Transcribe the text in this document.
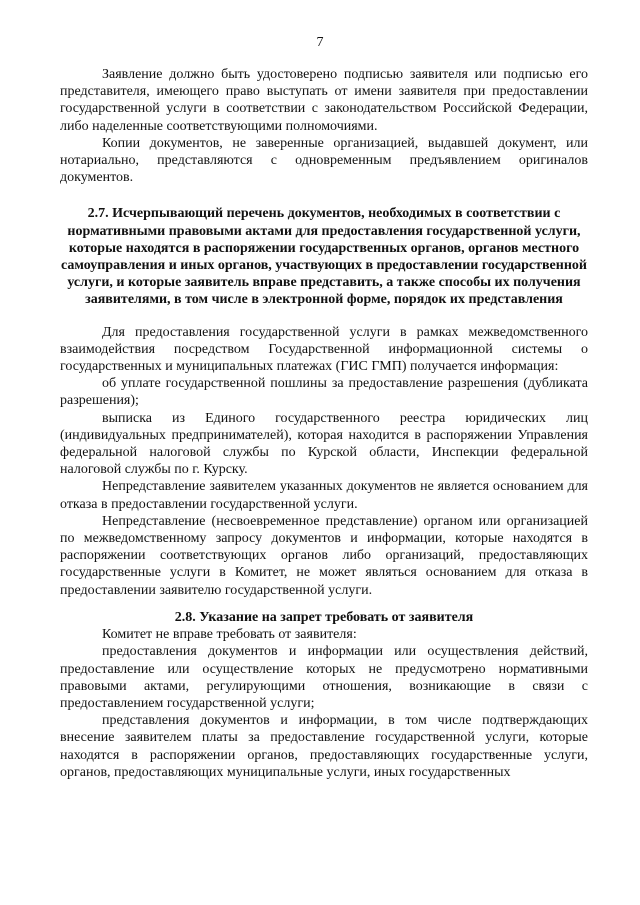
7

Заявление должно быть удостоверено подписью заявителя или подписью его представителя, имеющего право выступать от имени заявителя при предоставлении государственной услуги в соответствии с законодательством Российской Федерации, либо наделенные соответствующими полномочиями.

Копии документов, не заверенные организацией, выдавшей документ, или нотариально, представляются с одновременным предъявлением оригиналов документов.

2.7. Исчерпывающий перечень документов, необходимых в соответствии с нормативными правовыми актами для предоставления государственной услуги, которые находятся в распоряжении государственных органов, органов местного самоуправления и иных органов, участвующих в предоставлении государственной услуги, и которые заявитель вправе представить, а также способы их получения заявителями, в том числе в электронной форме, порядок их представления

Для предоставления государственной услуги в рамках межведомственного взаимодействия посредством Государственной информационной системы о государственных и муниципальных платежах (ГИС ГМП) получается информация:

об уплате государственной пошлины за предоставление разрешения (дубликата разрешения);

выписка из Единого государственного реестра юридических лиц (индивидуальных предпринимателей), которая находится в распоряжении Управления федеральной налоговой службы по Курской области, Инспекции федеральной налоговой службы по г. Курску.

Непредставление заявителем указанных документов не является основанием для отказа в предоставлении государственной услуги.

Непредставление (несвоевременное представление) органом или организацией по межведомственному запросу документов и информации, которые находятся в распоряжении соответствующих органов либо организаций, предоставляющих государственные услуги в Комитет, не может являться основанием для отказа в предоставлении заявителю государственной услуги.

2.8. Указание на запрет требовать от заявителя

Комитет не вправе требовать от заявителя:

предоставления документов и информации или осуществления действий, предоставление или осуществление которых не предусмотрено нормативными правовыми актами, регулирующими отношения, возникающие в связи с предоставлением государственной услуги;

представления документов и информации, в том числе подтверждающих внесение заявителем платы за предоставление государственной услуги, которые находятся в распоряжении органов, предоставляющих государственные услуги, органов, предоставляющих муниципальные услуги, иных государственных
